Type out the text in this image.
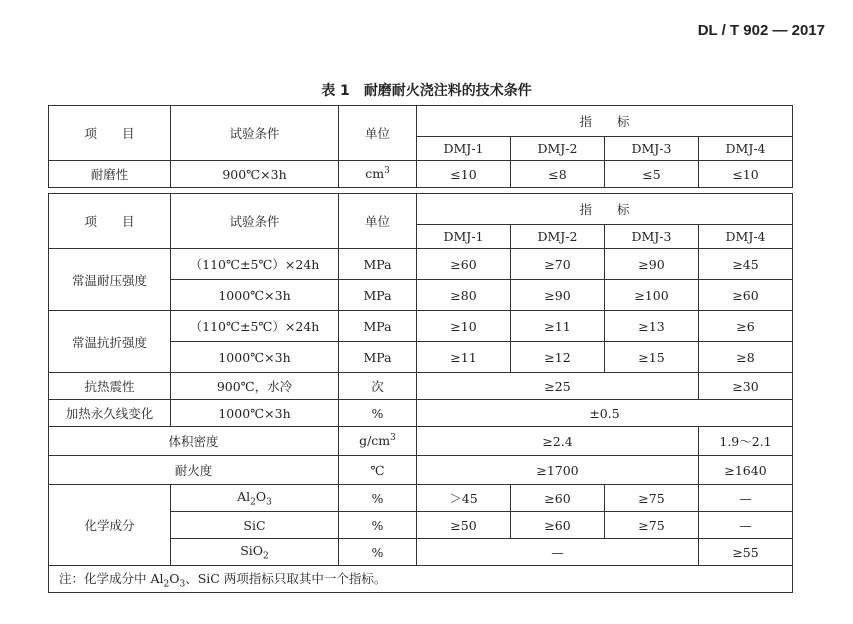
DL / T 902 — 2017
表 1 耐磨耐火浇注料的技术条件
项　　目	试验条件	单位	指　　标			
			DMJ-1	DMJ-2	DMJ-3	DMJ-4
耐磨性	900℃×3h	$cm^3$	≤10	≤8	≤5	≤10

项　　目	试验条件	单位	指　　标			
			DMJ-1	DMJ-2	DMJ-3	DMJ-4
常温耐压强度	（110℃±5℃）×24h	MPa	≥60	≥70	≥90	≥45
	1000℃×3h	MPa	≥80	≥90	≥100	≥60
常温抗折强度	（110℃±5℃）×24h	MPa	≥10	≥11	≥13	≥6
	1000℃×3h	MPa	≥11	≥12	≥15	≥8
抗热震性	900℃，水冷	次	≥25			≥30
加热永久线变化	1000℃×3h	%	±0.5			
体积密度		$g/cm^3$	≥2.4			1.9～2.1
耐火度		℃	≥1700			≥1640
化学成分	$Al_2O_3$	%	＞45	≥60	≥75	—
	SiC	%	≥50	≥60	≥75	—
	SiO$_2$	%	—			≥55
注：化学成分中 $Al_2O_3$、SiC 两项指标只取其中一个指标。						
